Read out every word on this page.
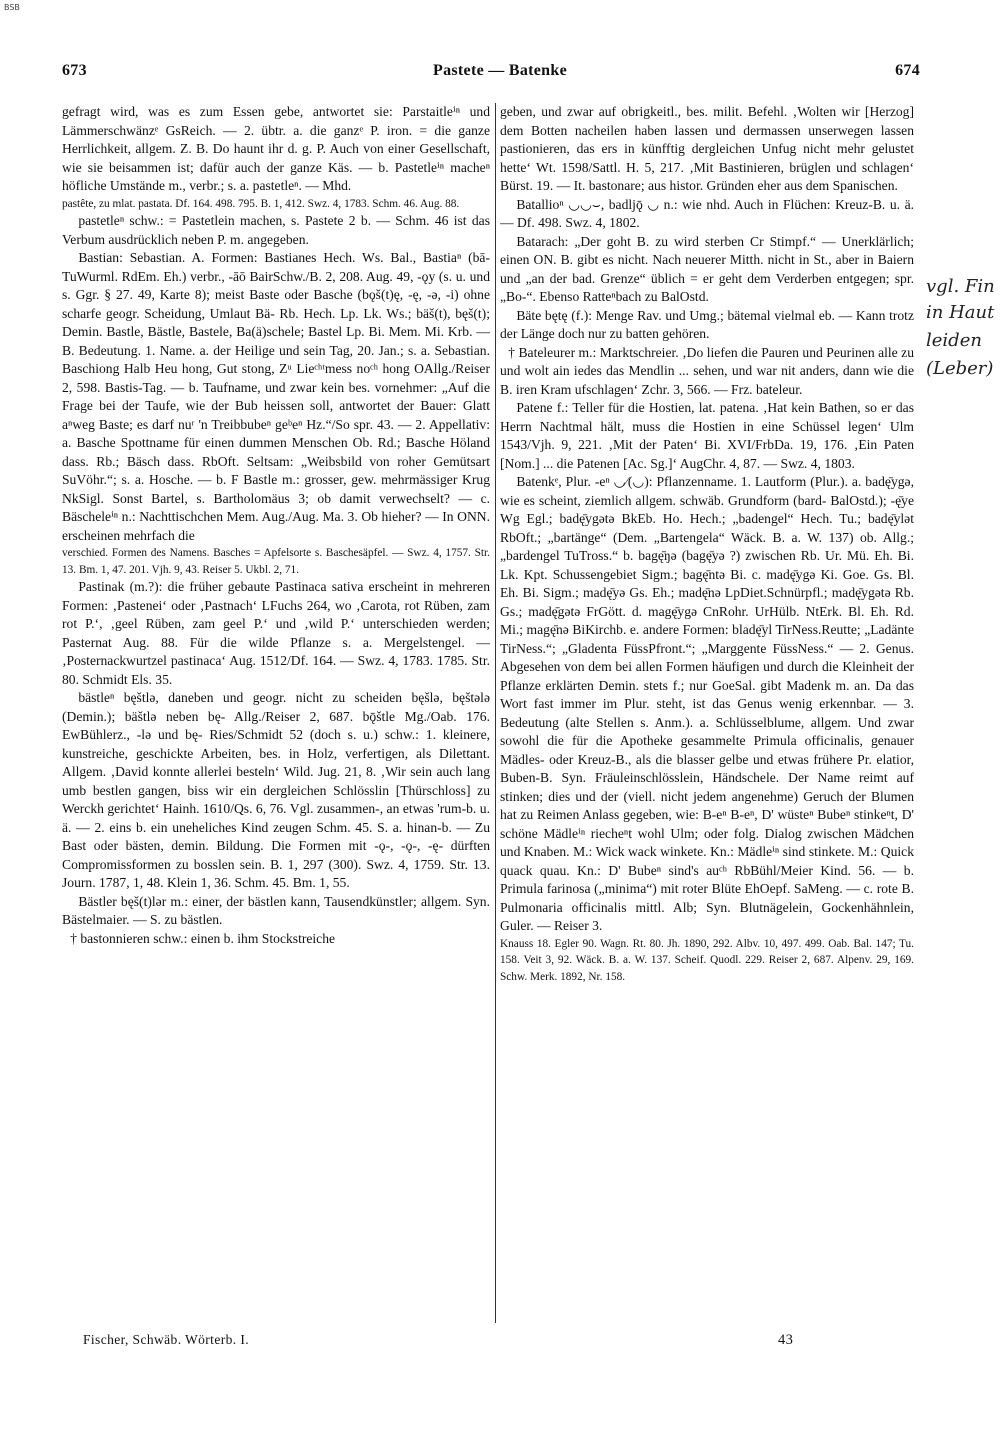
BSB
Pastete — Batenke
673	674

gefragt wird, was es zum Essen gebe, antwortet sie: Parstaitleⁱⁿ und Lämmerschwänzᵉ GsReich. — 2. übtr. a. die ganzᵉ P. iron. = die ganze Herrlichkeit, allgem. Z. B. Do haunt ihr d. g. P. Auch von einer Gesellschaft, wie sie beisammen ist; dafür auch der ganze Käs. — b. Pastetleⁱⁿ macheⁿ höfliche Umstände m., verbr.; s. a. pastetleⁿ. — Mhd.

pastête, zu mlat. pastata. Df. 164. 498. 795. B. 1, 412. Swz. 4, 1783. Schm. 46. Aug. 88.

pastetleⁿ schw.: = Pastetlein machen, s. Pastete 2 b. — Schm. 46 ist das Verbum ausdrücklich neben P. m. angegeben.

Bastian: Sebastian. A. Formen: Bastianes Hech. Ws. Bal., Bastiaⁿ (bā- TuWurml. RdEm. Eh.) verbr., -āō BairSchw./B. 2, 208. Aug. 49, -ǫy (s. u. und s. Ggr. § 27. 49, Karte 8); meist Baste oder Basche (bǫš(t)ę, -ę, -ə, -i) ohne scharfe geogr. Scheidung, Umlaut Bä- Rb. Hech. Lp. Lk. Ws.; bäš(t), bęš(t); Demin. Bastle, Bästle, Bastele, Ba(ä)schele; Bastel Lp. Bi. Mem. Mi. Krb. — B. Bedeutung. 1. Name. a. der Heilige und sein Tag, 20. Jan.; s. a. Sebastian. Baschiong Halb Heu hong, Gut stong, Zᵘ Lieᶜʰᵗmess noᶜʰ hong OAllg./Reiser 2, 598. Bastis-Tag. — b. Taufname, und zwar kein bes. vornehmer: „Auf die Frage bei der Taufe, wie der Bub heissen soll, antwortet der Bauer: Glatt aⁿweg Baste; es darf nuʳ 'n Treibbubeⁿ geᵇeⁿ Hz.“/So spr. 43. — 2. Appellativ: a. Basche Spottname für einen dummen Menschen Ob. Rd.; Basche Höland dass. Rb.; Bäsch dass. RbOft. Seltsam: „Weibsbild von roher Gemütsart SuVöhr.“; s. a. Hosche. — b. F Bastle m.: grosser, gew. mehrmässiger Krug NkSigl. Sonst Bartel, s. Bartholomäus 3; ob damit verwechselt? — c. Bäscheleⁱⁿ n.: Nachttischchen Mem. Aug./Aug. Ma. 3. Ob hieher? — In ONN. erscheinen mehrfach die

verschied. Formen des Namens. Basches = Apfelsorte s. Baschesäpfel. — Swz. 4, 1757. Str. 13. Bm. 1, 47. 201. Vjh. 9, 43. Reiser 5. Ukbl. 2, 71.

Pastinak (m.?): die früher gebaute Pastinaca sativa erscheint in mehreren Formen: ‚Pasteneiʻ oder ‚Pastnachʻ LFuchs 264, wo ‚Carota, rot Rüben, zam rot P.ʻ, ‚geel Rüben, zam geel P.ʻ und ‚wild P.ʻ unterschieden werden; Pasternat Aug. 88. Für die wilde Pflanze s. a. Mergelstengel. — ‚Posternackwurtzel pastinacaʻ Aug. 1512/Df. 164. — Swz. 4, 1783. 1785. Str. 80. Schmidt Els. 35.

bästleⁿ bęštlə, daneben und geogr. nicht zu scheiden bęšlə, bęštələ (Demin.); bäštlə neben bę- Allg./Reiser 2, 687. bǭštle Mg./Oab. 176. EwBühlerz., -lə und bę- Ries/Schmidt 52 (doch s. u.) schw.: 1. kleinere, kunstreiche, geschickte Arbeiten, bes. in Holz, verfertigen, als Dilettant. Allgem. ‚David konnte allerlei bestelnʻ Wild. Jug. 21, 8. ‚Wir sein auch lang umb bestlen gangen, biss wir ein dergleichen Schlösslin [Thürschloss] zu Werckh gerichtetʻ Hainh. 1610/Qs. 6, 76. Vgl. zusammen-, an etwas 'rum-b. u. ä. — 2. eins b. ein uneheliches Kind zeugen Schm. 45. S. a. hinan-b. — Zu Bast oder bästen, demin. Bildung. Die Formen mit -ǫ-, -ǫ-, -ę- dürften Compromissformen zu bosslen sein. B. 1, 297 (300). Swz. 4, 1759. Str. 13. Journ. 1787, 1, 48. Klein 1, 36. Schm. 45. Bm. 1, 55.

Bästler bęš(t)lər m.: einer, der bästlen kann, Tausendkünstler; allgem. Syn. Bästelmaier. — S. zu bästlen.

† bastonnieren schw.: einen b. ihm Stockstreiche

geben, und zwar auf obrigkeitl., bes. milit. Befehl. ‚Wolten wir [Herzog] dem Botten nacheilen haben lassen und dermassen unserwegen lassen pastionieren, das ers in künfftig dergleichen Unfug nicht mehr gelustet hetteʻ Wt. 1598/Sattl. H. 5, 217. ‚Mit Bastinieren, brüglen und schlagenʻ Bürst. 19. — It. bastonare; aus histor. Gründen eher aus dem Spanischen.

Batallioⁿ ◡◡⌣, badljǭ ◡ n.: wie nhd. Auch in Flüchen: Kreuz-B. u. ä. — Df. 498. Swz. 4, 1802.

Batarach: „Der goht B. zu wird sterben Cr Stimpf.“ — Unerklärlich; einen ON. B. gibt es nicht. Nach neuerer Mitth. nicht in St., aber in Baiern und „an der bad. Grenze“ üblich = er geht dem Verderben entgegen; spr. „Bo-“. Ebenso Ratteⁿbach zu BalOstd.

Bäte bętę (f.): Menge Rav. und Umg.; bätemal vielmal eb. — Kann trotz der Länge doch nur zu batten gehören.

† Bateleurer m.: Marktschreier. ‚Do liefen die Pauren und Peurinen alle zu und wolt ain iedes das Mendlin ... sehen, und war nit anders, dann wie die B. iren Kram ufschlagenʻ Zchr. 3, 566. — Frz. bateleur.

Patene f.: Teller für die Hostien, lat. patena. ‚Hat kein Bathen, so er das Herrn Nachtmal hält, muss die Hostien in eine Schüssel legenʻ Ulm 1543/Vjh. 9, 221. ‚Mit der Patenʻ Bi. XVI/FrbDa. 19, 176. ‚Ein Paten [Nom.] ... die Patenen [Ac. Sg.]ʻ AugChr. 4, 87. — Swz. 4, 1803.

Batenkᵉ, Plur. -eⁿ ◡⁄(◡): Pflanzenname. 1. Lautform (Plur.). a. badę̄ygə, wie es scheint, ziemlich allgem. schwäb. Grundform (bard- BalOstd.); -ę̄ye Wg Egl.; badę̄ygətə BkEb. Ho. Hech.; „badengel“ Hech. Tu.; badę̄ylət RbOft.; „bartänge“ (Dem. „Bartengela“ Wäck. B. a. W. 137) ob. Allg.; „bardengel TuTross.“ b. bagę̄ŋə (bagę̄yə ?) zwischen Rb. Ur. Mü. Eh. Bi. Lk. Kpt. Schussengebiet Sigm.; bagę̄ntə Bi. c. madę̄ygə Ki. Goe. Gs. Bl. Eh. Bi. Sigm.; madę̄yə Gs. Eh.; madę̄nə LpDiet.Schnürpfl.; madę̄ygətə Rb. Gs.; madę̄gətə FrGött. d. magę̄ygə CnRohr. UrHülb. NtErk. Bl. Eh. Rd. Mi.; magę̄nə BiKirchb. e. andere Formen: bladę̄yl TirNess.Reutte; „Ladänte TirNess.“; „Gladenta FüssPfront.“; „Marggente FüssNess.“ — 2. Genus. Abgesehen von dem bei allen Formen häufigen und durch die Kleinheit der Pflanze erklärten Demin. stets f.; nur GoeSal. gibt Madenk m. an. Da das Wort fast immer im Plur. steht, ist das Genus wenig erkennbar. — 3. Bedeutung (alte Stellen s. Anm.). a. Schlüsselblume, allgem. Und zwar sowohl die für die Apotheke gesammelte Primula officinalis, genauer Mädles- oder Kreuz-B., als die blasser gelbe und etwas frühere Pr. elatior, Buben-B. Syn. Fräuleinschlösslein, Händschele. Der Name reimt auf stinken; dies und der (viell. nicht jedem angenehme) Geruch der Blumen hat zu Reimen Anlass gegeben, wie: B-eⁿ B-eⁿ, D' wüsteⁿ Bubeⁿ stinkeⁿt, D' schöne Mädleⁱⁿ riecheⁿt wohl Ulm; oder folg. Dialog zwischen Mädchen und Knaben. M.: Wick wack winkete. Kn.: Mädleⁱⁿ sind stinkete. M.: Quick quack quau. Kn.: D' Bubeⁿ sind's auᶜʰ RbBühl/Meier Kind. 56. — b. Primula farinosa („minima“) mit roter Blüte EhOepf. SaMeng. — c. rote B. Pulmonaria officinalis mittl. Alb; Syn. Blutnägelein, Gockenhähnlein, Guler. — Reiser 3.

Knauss 18. Egler 90. Wagn. Rt. 80. Jh. 1890, 292. Albv. 10, 497. 499. Oab. Bal. 147; Tu. 158. Veit 3, 92. Wäck. B. a. W. 137. Scheif. Quodl. 229. Reiser 2, 687. Alpenv. 29, 169. Schw. Merk. 1892, Nr. 158.

vgl. Fin
in Haut
leiden
(Leber)
Fischer, Schwäb. Wörterb. I.	43
